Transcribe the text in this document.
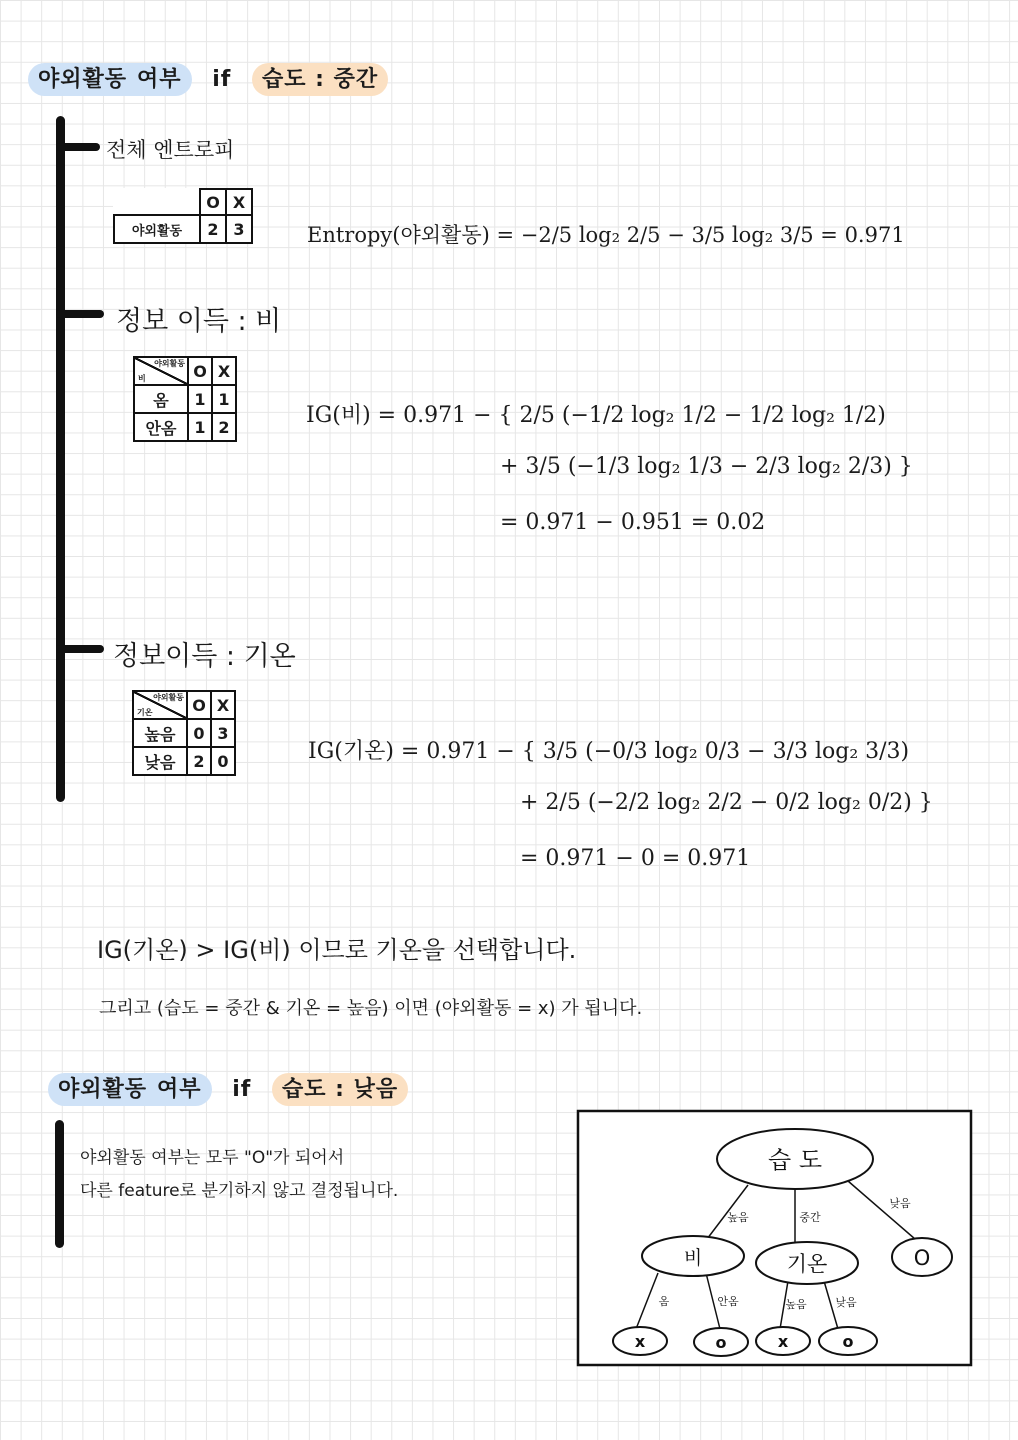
야외활동 여부 if 습도 : 중간
전체 엔트로피
	O	X
야외활동	2	3	Entropy(야외활동) = −2/5 log₂ 2/5 − 3/5 log₂ 3/5 = 0.971
정보 이득 : 비
야외활동
비	O	X
옴	1	1
안옴	1	2	IG(비) = 0.971 − { 2/5 (−1/2 log₂ 1/2 − 1/2 log₂ 1/2)
+ 3/5 (−1/3 log₂ 1/3 − 2/3 log₂ 2/3) }
= 0.971 − 0.951 = 0.02
정보이득 : 기온
야외활동
기온	O	X
높음	0	3
낮음	2	0	IG(기온) = 0.971 − { 3/5 (−0/3 log₂ 0/3 − 3/3 log₂ 3/3)
+ 2/5 (−2/2 log₂ 2/2 − 0/2 log₂ 0/2) }
= 0.971 − 0 = 0.971
IG(기온) > IG(비) 이므로 기온을 선택합니다.
그리고 (습도 = 중간 & 기온 = 높음) 이면 (야외활동 = x) 가 됩니다.
야외활동 여부 if 습도 : 낮음
야외활동 여부는 모두 "O"가 되어서
다른 feature로 분기하지 않고 결정됩니다.
습 도
비	기온	O
x	o	x	o
높음	중간
낮음
옴	안옴	높음	낮음
